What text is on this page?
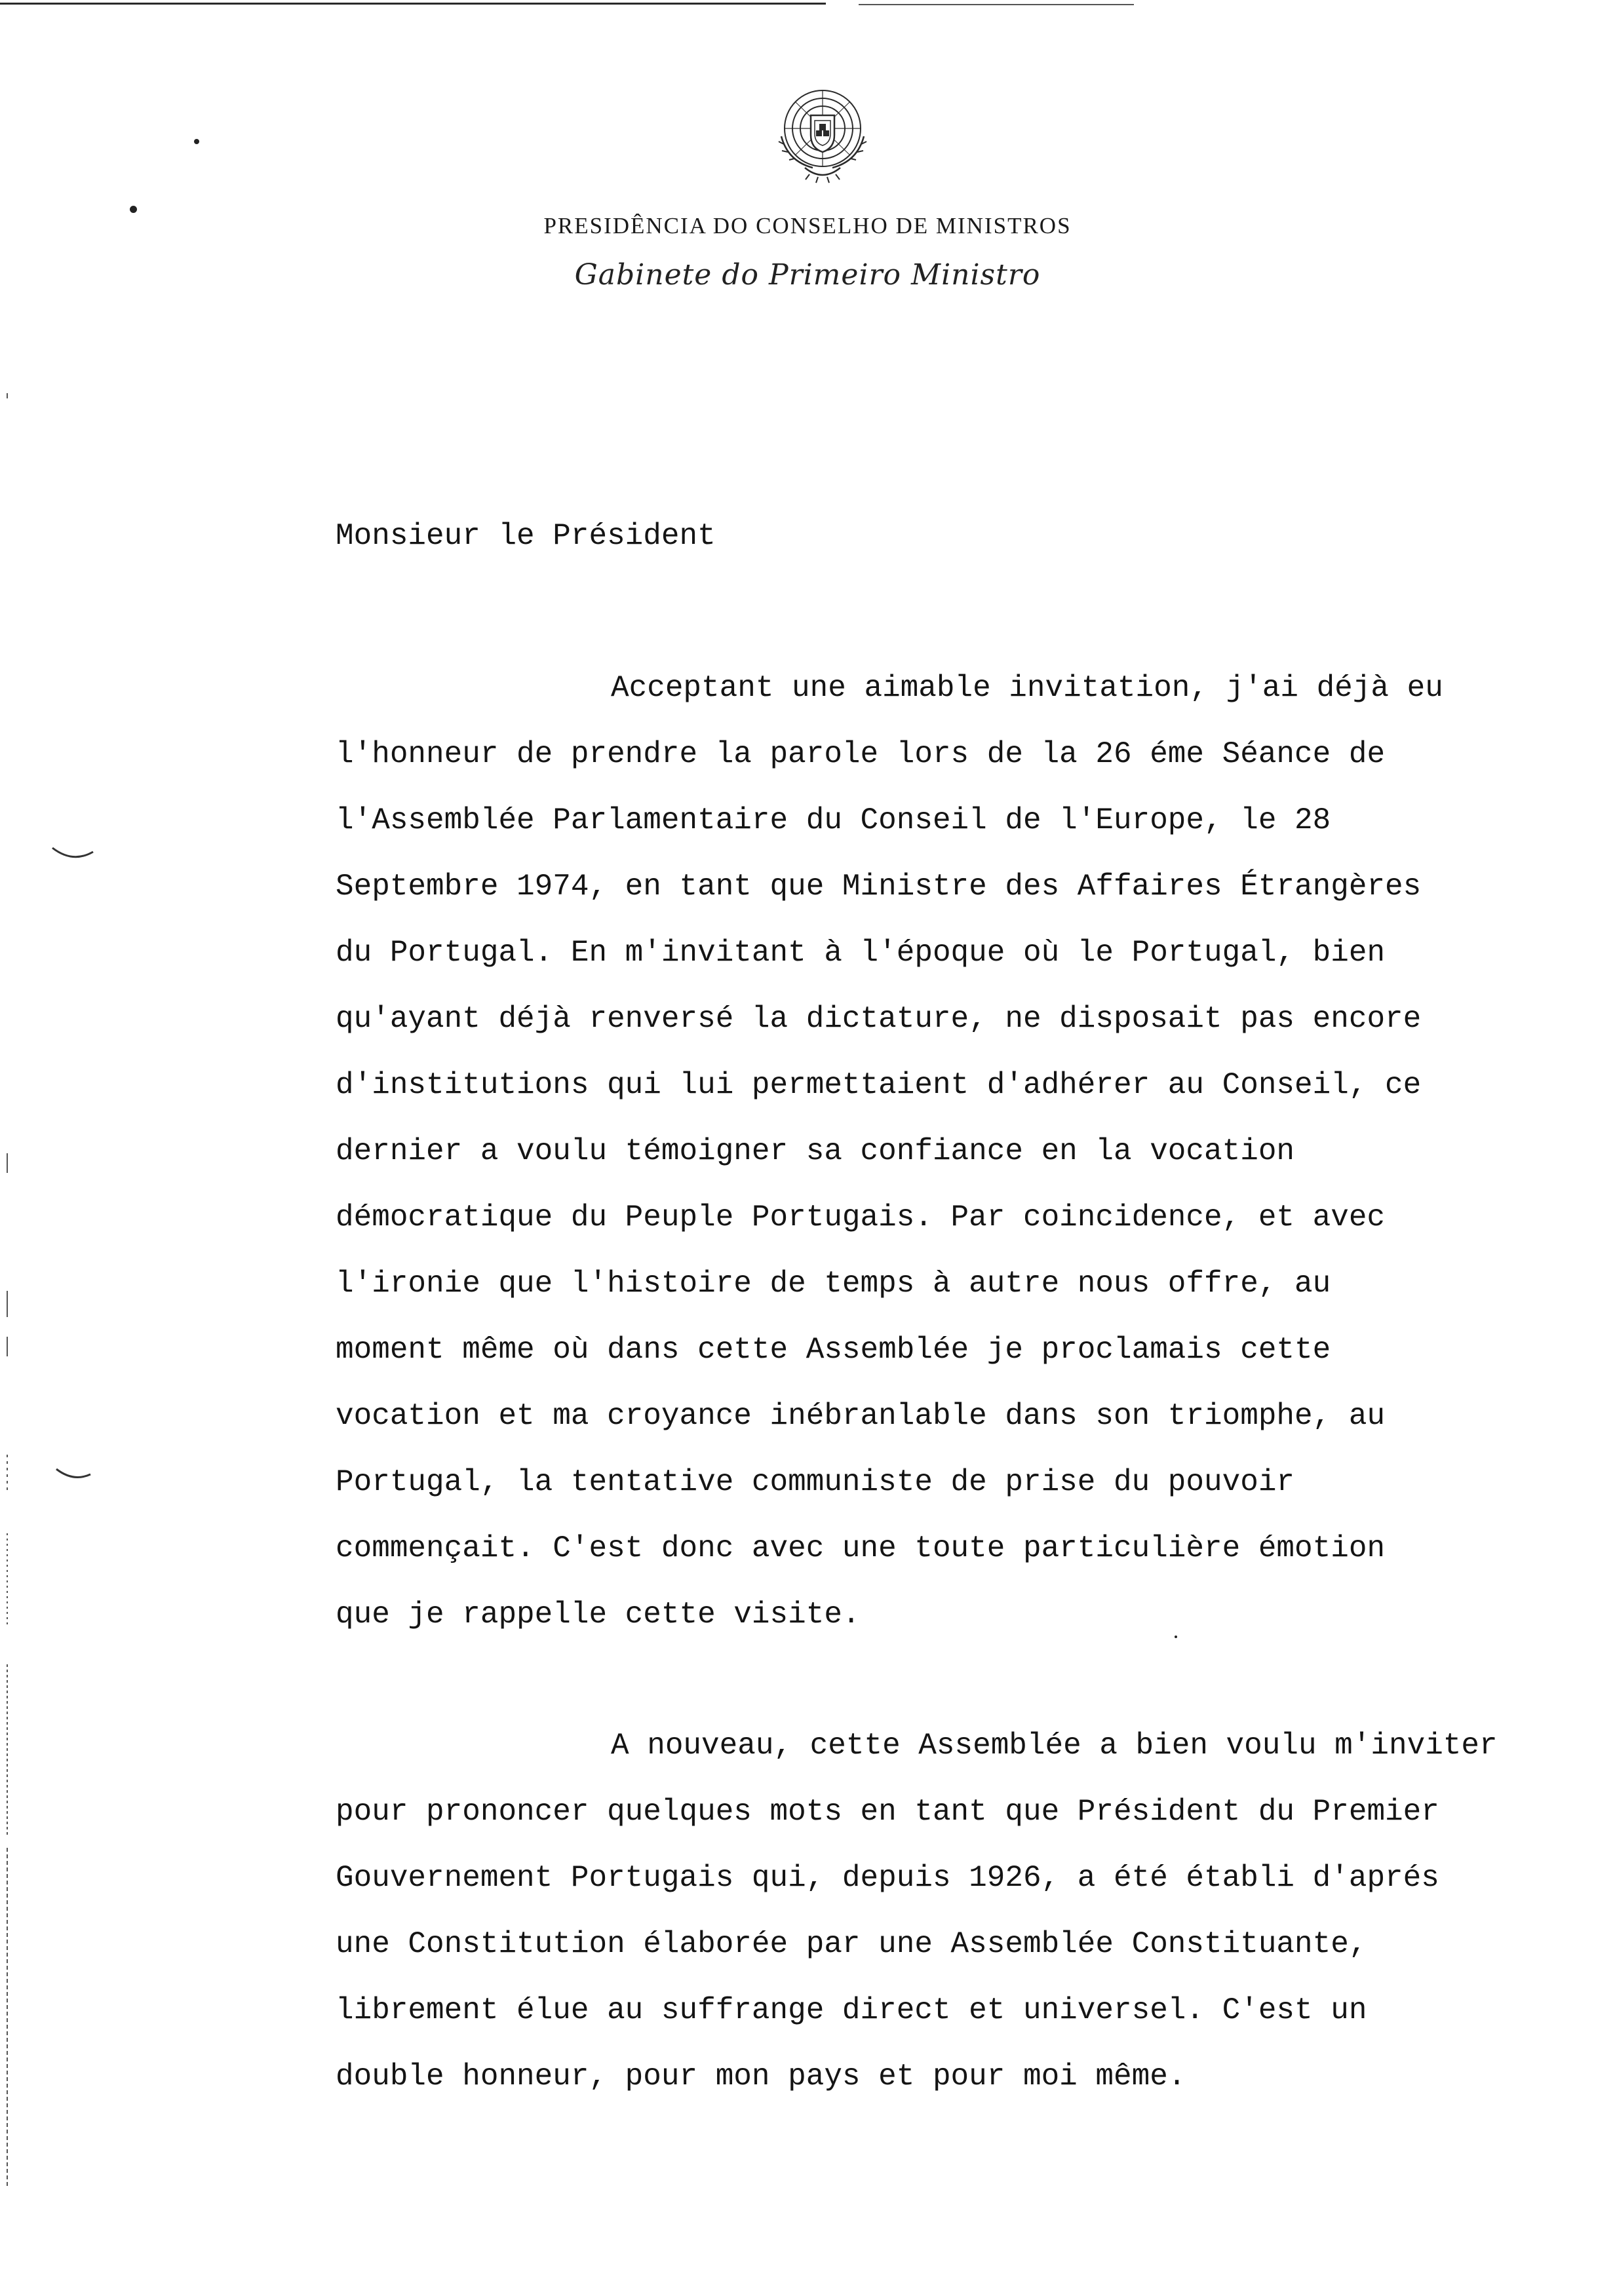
PRESIDÊNCIA DO CONSELHO DE MINISTROS
Gabinete do Primeiro Ministro
Monsieur le Président
Acceptant une aimable invitation, j'ai déjà eu
l'honneur de prendre la parole lors de la 26 éme Séance de
l'Assemblée Parlamentaire du Conseil de l'Europe, le 28
Septembre 1974, en tant que Ministre des Affaires Étrangères
du Portugal. En m'invitant à l'époque où le Portugal, bien
qu'ayant déjà renversé la dictature, ne disposait pas encore
d'institutions qui lui permettaient d'adhérer au Conseil, ce
dernier a voulu témoigner sa confiance en la vocation
démocratique du Peuple Portugais. Par coincidence, et avec
l'ironie que l'histoire de temps à autre nous offre, au
moment même où dans cette Assemblée je proclamais cette
vocation et ma croyance inébranlable dans son triomphe, au
Portugal, la tentative communiste de prise du pouvoir
commençait. C'est donc avec une toute particulière émotion
que je rappelle cette visite.
A nouveau, cette Assemblée a bien voulu m'inviter
pour prononcer quelques mots en tant que Président du Premier
Gouvernement Portugais qui, depuis 1926, a été établi d'aprés
une Constitution élaborée par une Assemblée Constituante,
librement élue au suffrange direct et universel. C'est un
double honneur, pour mon pays et pour moi même.
